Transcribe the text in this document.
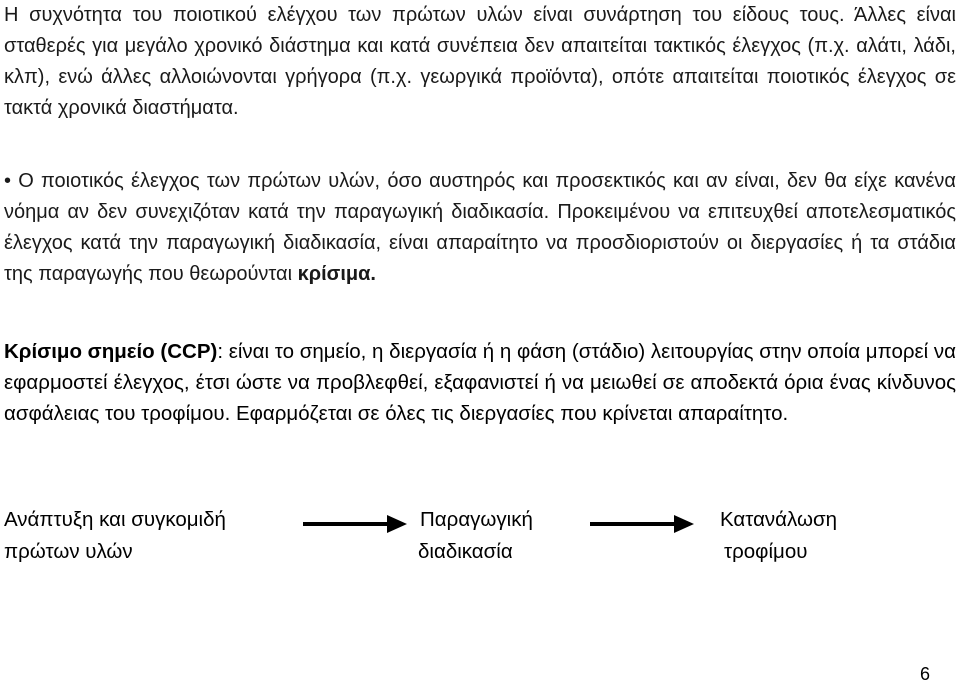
Η συχνότητα του ποιοτικού ελέγχου των πρώτων υλών είναι συνάρτηση του είδους τους. Άλλες είναι σταθερές για μεγάλο χρονικό διάστημα και κατά συνέπεια δεν απαιτείται τακτικός έλεγχος (π.χ. αλάτι, λάδι, κλπ), ενώ άλλες αλλοιώνονται γρήγορα (π.χ. γεωργικά προϊόντα), οπότε απαιτείται ποιοτικός έλεγχος σε τακτά χρονικά διαστήματα.

• Ο ποιοτικός έλεγχος των πρώτων υλών, όσο αυστηρός και προσεκτικός και αν είναι, δεν θα είχε κανένα νόημα αν δεν συνεχιζόταν κατά την παραγωγική διαδικασία. Προκειμένου να επιτευχθεί αποτελεσματικός έλεγχος κατά την παραγωγική διαδικασία, είναι απαραίτητο να προσδιοριστούν οι διεργασίες ή τα στάδια της παραγωγής που θεωρούνται κρίσιμα.

Κρίσιμο σημείο (CCP): είναι το σημείο, η διεργασία ή η φάση (στάδιο) λειτουργίας στην οποία μπορεί να εφαρμοστεί έλεγχος, έτσι ώστε να προβλεφθεί, εξαφανιστεί ή να μειωθεί σε αποδεκτά όρια ένας κίνδυνος ασφάλειας του τροφίμου. Εφαρμόζεται σε όλες τις διεργασίες που κρίνεται απαραίτητο.

Ανάπτυξη και συγκομιδή
πρώτων υλών
Παραγωγική
διαδικασία
Κατανάλωση
τροφίμου
6
